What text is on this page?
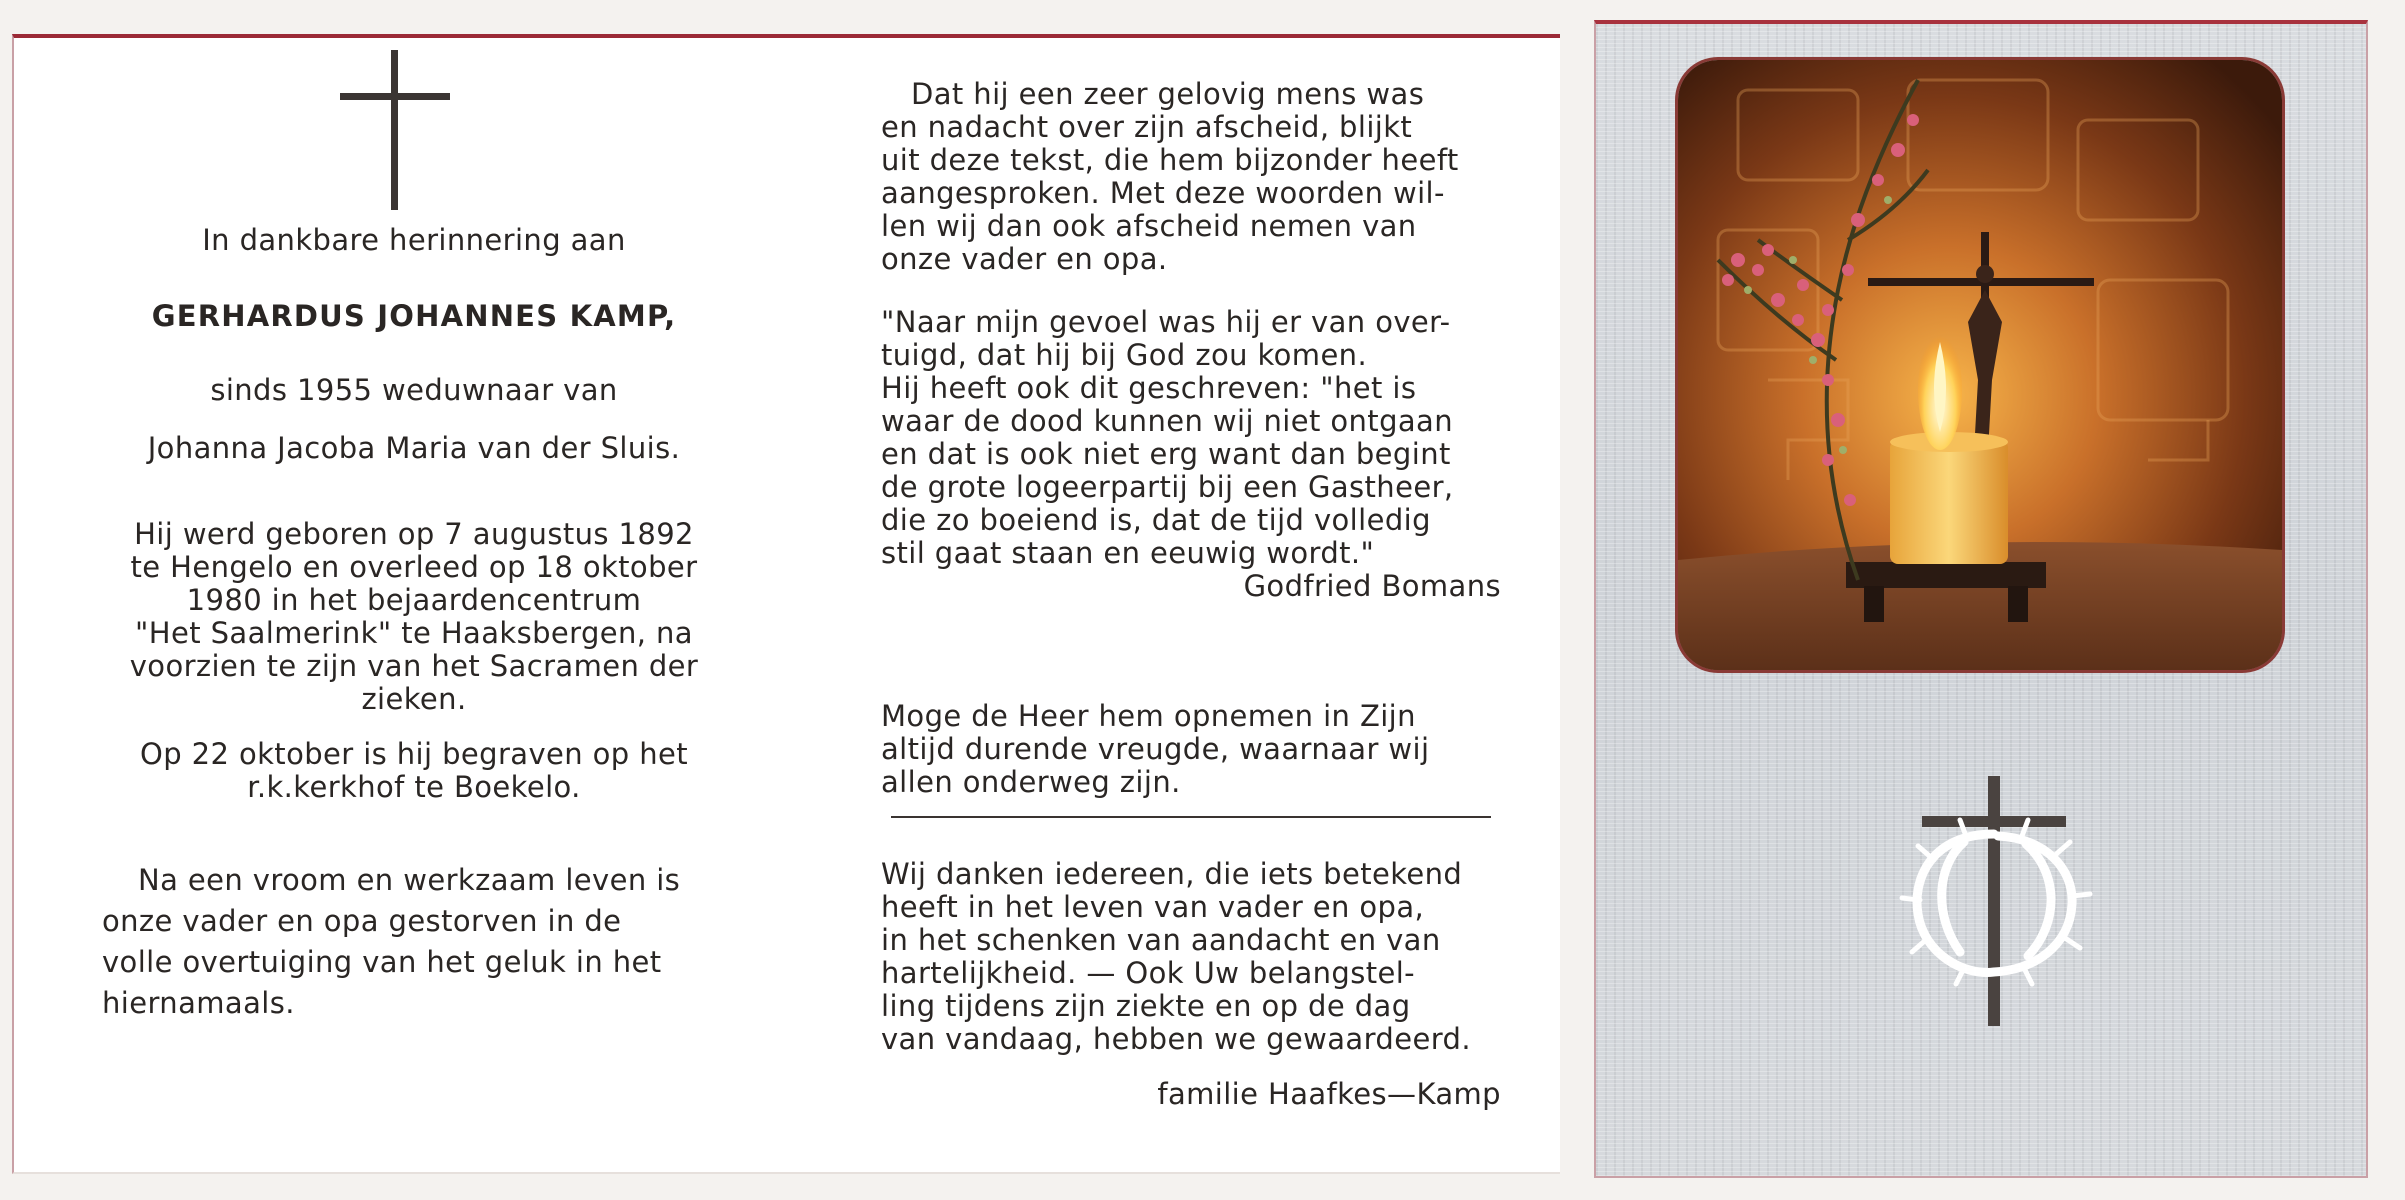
In dankbare herinnering aan
GERHARDUS JOHANNES KAMP,
sinds 1955 weduwnaar van
Johanna Jacoba Maria van der Sluis.
Hij werd geboren op 7 augustus 1892
te Hengelo en overleed op 18 oktober
1980 in het bejaardencentrum
"Het Saalmerink" te Haaksbergen, na
voorzien te zijn van het Sacramen der
zieken.
Op 22 oktober is hij begraven op het
r.k.kerkhof te Boekelo.
Na een vroom en werkzaam leven is
onze vader en opa gestorven in de
volle overtuiging van het geluk in het
hiernamaals.
Dat hij een zeer gelovig mens was
en nadacht over zijn afscheid, blijkt
uit deze tekst, die hem bijzonder heeft
aangesproken. Met deze woorden wil-
len wij dan ook afscheid nemen van
onze vader en opa.
"Naar mijn gevoel was hij er van over-
tuigd, dat hij bij God zou komen.
Hij heeft ook dit geschreven: "het is
waar de dood kunnen wij niet ontgaan
en dat is ook niet erg want dan begint
de grote logeerpartij bij een Gastheer,
die zo boeiend is, dat de tijd volledig
stil gaat staan en eeuwig wordt."
Godfried Bomans
Moge de Heer hem opnemen in Zijn
altijd durende vreugde, waarnaar wij
allen onderweg zijn.
Wij danken iedereen, die iets betekend
heeft in het leven van vader en opa,
in het schenken van aandacht en van
hartelijkheid. — Ook Uw belangstel-
ling tijdens zijn ziekte en op de dag
van vandaag, hebben we gewaardeerd.
familie Haafkes—Kamp
